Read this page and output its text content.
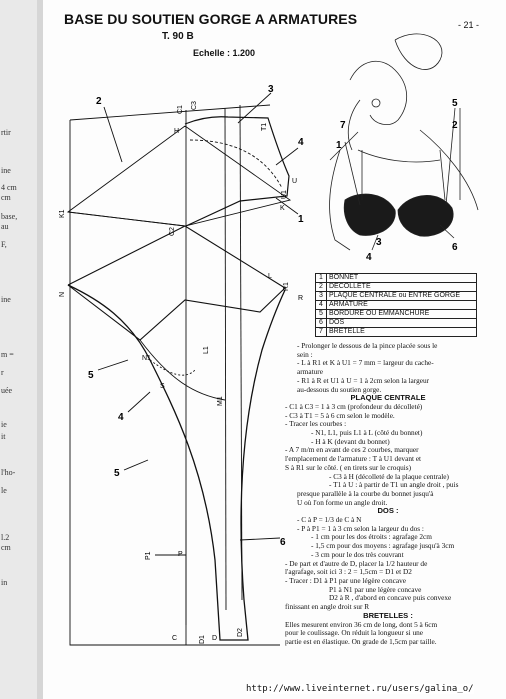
rtir
ine
4 cm
cm
base,
au
F,
ine
m =
r
uée
ie
it
l'ho-
le
l.2
cm
in
BASE DU SOUTIEN GORGE A ARMATURES
T. 90 B
Echelle : 1.200
- 21 -
H
C1 C3
T1
U
U1
K
K1
C2
L
R
R1
N
N1
S
L1
M1
P
P1
C	D
D1
D2
2
3
4
1
5
4
5
6
5
7
1
2
3
4
6
1	BONNET
2	DECOLLETE
3	PLAQUE CENTRALE ou ENTRE GORGE
4	ARMATURE
5	BORDURE OU EMMANCHURE
6	DOS
7	BRETELLE
- Prolonger le dessous de la pince placée sous le
sein :
- L à R1 et K à U1 = 7 mm = largeur du cache-
armature
- R1 à R et U1 à U = 1 à 2cm selon la largeur
au-dessous du soutien gorge.
PLAQUE CENTRALE
- C1 à C3 = 1 à 3 cm (profondeur du décolleté)
- C3 à T1 = 5 à 6 cm selon le modèle.
- Tracer les courbes :
- N1, L1, puis L1 à L (côté du bonnet)
- H à K (devant du bonnet)
- A 7 m/m en avant de ces 2 courbes, marquer
l'emplacement de l'armature : T à U1 devant et
S à R1 sur le côté. ( en tirets sur le croquis)
- C3 à H (décolleté de la plaque centrale)
- T1 à U : à partir de T1 un angle droit , puis
presque parallèle à la courbe du bonnet jusqu'à
U où l'on forme un angle droit.
DOS :
- C à P = 1/3 de C à N
- P à P1 = 1 à 3 cm selon la largeur du dos :
- 1 cm pour les dos étroits : agrafage 2cm
- 1,5 cm pour dos moyens : agrafage jusqu'à 3cm
- 3 cm pour le dos très couvrant
- De part et d'autre de D, placer la 1/2 hauteur de
l'agrafage, soit ici 3 : 2 = 1,5cm = D1 et D2
- Tracer : D1 à P1 par une légère concave
P1 à N1 par une légère concave
D2 à R , d'abord en concave puis convexe
finissant en angle droit sur R
BRETELLES :
Elles mesurent environ 36 cm de long, dont 5 à 6cm
pour le coulissage. On réduit la longueur si une
partie est en élastique. On grade de 1,5cm par taille.
http://www.liveinternet.ru/users/galina_o/
